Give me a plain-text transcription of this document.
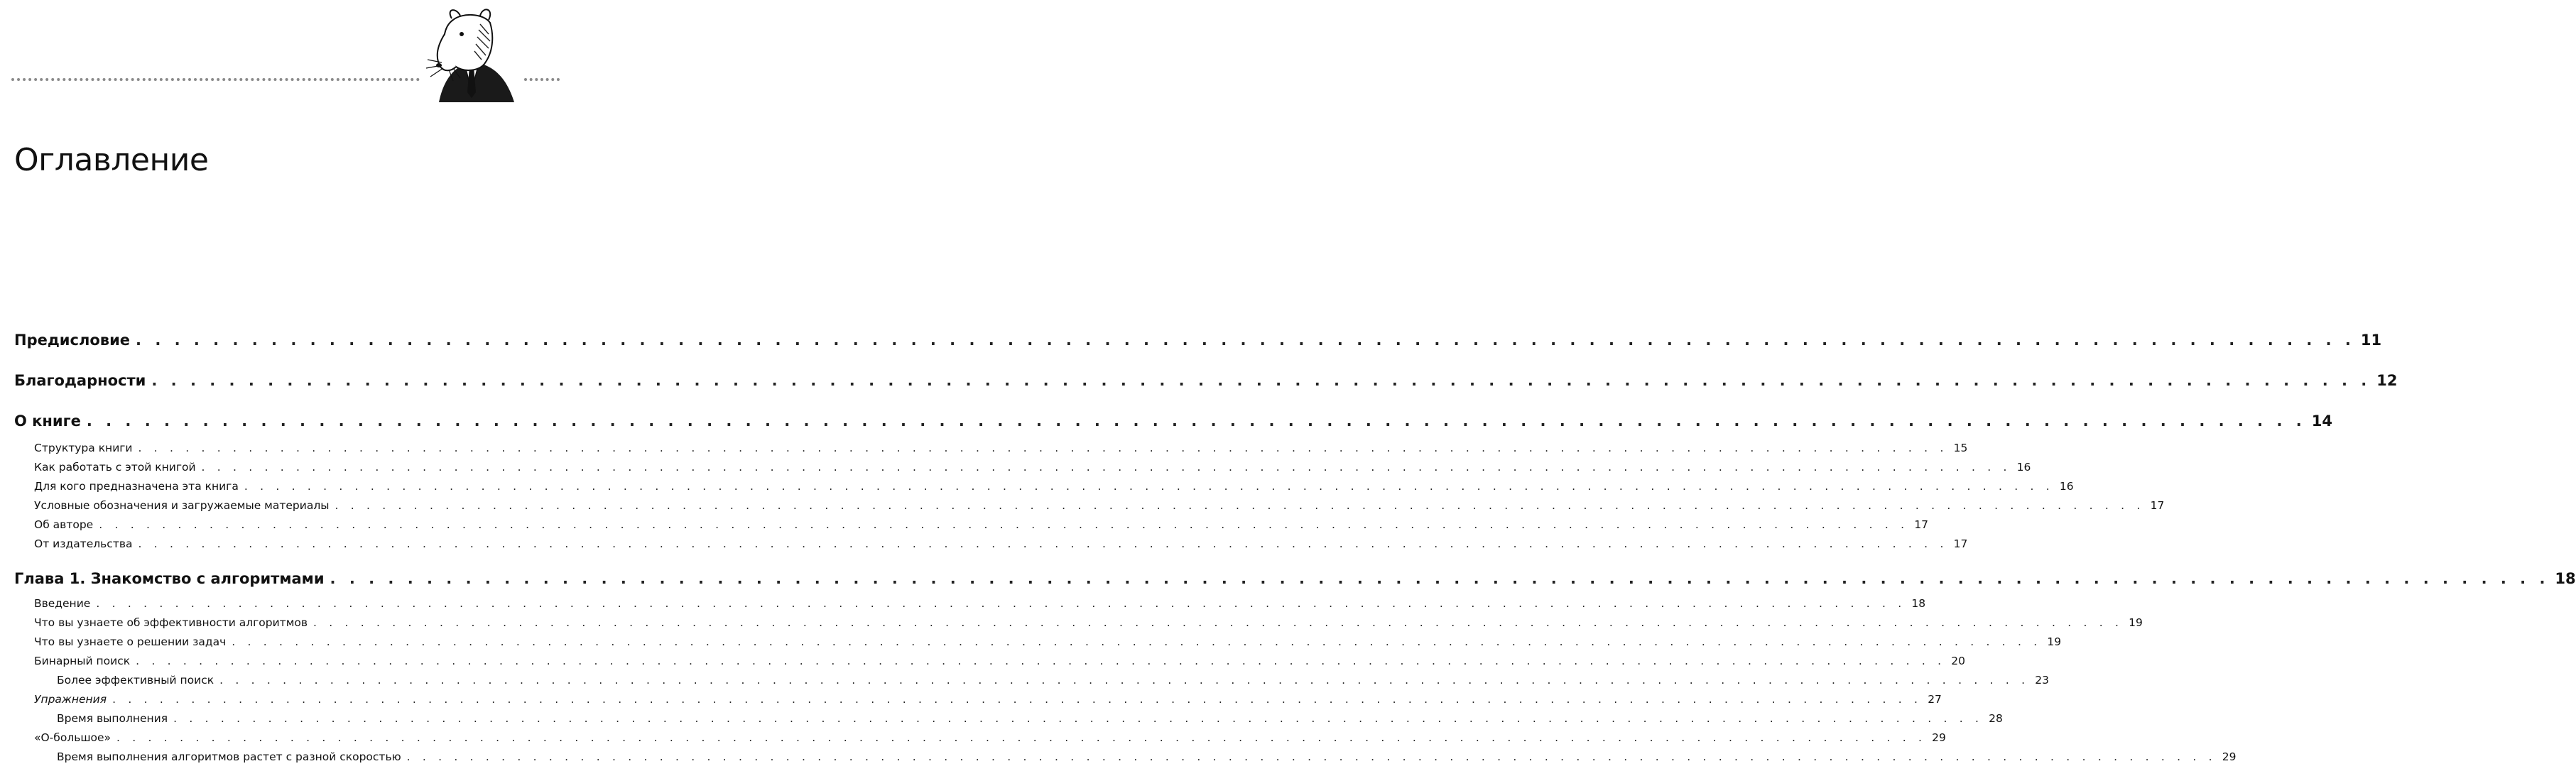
Оглавление
Предисловие . . . . . . . . . . . . . . . . . . . . . . . . . . . . . . . . . . . . . . . . . . . . . . . . . . . . . . . . . . . . . . . . . . . . . . . . . . . . . . . . . . . . . . . . . . . . . . . . . . . . . . . . . . . . . . . . . . . 11
Благодарности . . . . . . . . . . . . . . . . . . . . . . . . . . . . . . . . . . . . . . . . . . . . . . . . . . . . . . . . . . . . . . . . . . . . . . . . . . . . . . . . . . . . . . . . . . . . . . . . . . . . . . . . . . . . . . . . . . . 12
О книге . . . . . . . . . . . . . . . . . . . . . . . . . . . . . . . . . . . . . . . . . . . . . . . . . . . . . . . . . . . . . . . . . . . . . . . . . . . . . . . . . . . . . . . . . . . . . . . . . . . . . . . . . . . . . . . . . . . 14
Структура книги . . . . . . . . . . . . . . . . . . . . . . . . . . . . . . . . . . . . . . . . . . . . . . . . . . . . . . . . . . . . . . . . . . . . . . . . . . . . . . . . . . . . . . . . . . . . . . . . . . . . . . . . . . . . . . . . . . . 15
Как работать с этой книгой . . . . . . . . . . . . . . . . . . . . . . . . . . . . . . . . . . . . . . . . . . . . . . . . . . . . . . . . . . . . . . . . . . . . . . . . . . . . . . . . . . . . . . . . . . . . . . . . . . . . . . . . . . . . . . . . . . . 16
Для кого предназначена эта книга . . . . . . . . . . . . . . . . . . . . . . . . . . . . . . . . . . . . . . . . . . . . . . . . . . . . . . . . . . . . . . . . . . . . . . . . . . . . . . . . . . . . . . . . . . . . . . . . . . . . . . . . . . . . . . . . . . . 16
Условные обозначения и загружаемые материалы . . . . . . . . . . . . . . . . . . . . . . . . . . . . . . . . . . . . . . . . . . . . . . . . . . . . . . . . . . . . . . . . . . . . . . . . . . . . . . . . . . . . . . . . . . . . . . . . . . . . . . . . . . . . . . . . . . . 17
Об авторе . . . . . . . . . . . . . . . . . . . . . . . . . . . . . . . . . . . . . . . . . . . . . . . . . . . . . . . . . . . . . . . . . . . . . . . . . . . . . . . . . . . . . . . . . . . . . . . . . . . . . . . . . . . . . . . . . . . 17
От издательства . . . . . . . . . . . . . . . . . . . . . . . . . . . . . . . . . . . . . . . . . . . . . . . . . . . . . . . . . . . . . . . . . . . . . . . . . . . . . . . . . . . . . . . . . . . . . . . . . . . . . . . . . . . . . . . . . . . 17
Глава 1. Знакомство с алгоритмами . . . . . . . . . . . . . . . . . . . . . . . . . . . . . . . . . . . . . . . . . . . . . . . . . . . . . . . . . . . . . . . . . . . . . . . . . . . . . . . . . . . . . . . . . . . . . . . . . . . . . . . . . . . . . . . . . . . 18
Введение . . . . . . . . . . . . . . . . . . . . . . . . . . . . . . . . . . . . . . . . . . . . . . . . . . . . . . . . . . . . . . . . . . . . . . . . . . . . . . . . . . . . . . . . . . . . . . . . . . . . . . . . . . . . . . . . . . . 18
Что вы узнаете об эффективности алгоритмов . . . . . . . . . . . . . . . . . . . . . . . . . . . . . . . . . . . . . . . . . . . . . . . . . . . . . . . . . . . . . . . . . . . . . . . . . . . . . . . . . . . . . . . . . . . . . . . . . . . . . . . . . . . . . . . . . . . 19
Что вы узнаете о решении задач . . . . . . . . . . . . . . . . . . . . . . . . . . . . . . . . . . . . . . . . . . . . . . . . . . . . . . . . . . . . . . . . . . . . . . . . . . . . . . . . . . . . . . . . . . . . . . . . . . . . . . . . . . . . . . . . . . . 19
Бинарный поиск . . . . . . . . . . . . . . . . . . . . . . . . . . . . . . . . . . . . . . . . . . . . . . . . . . . . . . . . . . . . . . . . . . . . . . . . . . . . . . . . . . . . . . . . . . . . . . . . . . . . . . . . . . . . . . . . . . . 20
Более эффективный поиск . . . . . . . . . . . . . . . . . . . . . . . . . . . . . . . . . . . . . . . . . . . . . . . . . . . . . . . . . . . . . . . . . . . . . . . . . . . . . . . . . . . . . . . . . . . . . . . . . . . . . . . . . . . . . . . . . . . 23
Упражнения . . . . . . . . . . . . . . . . . . . . . . . . . . . . . . . . . . . . . . . . . . . . . . . . . . . . . . . . . . . . . . . . . . . . . . . . . . . . . . . . . . . . . . . . . . . . . . . . . . . . . . . . . . . . . . . . . . . 27
Время выполнения . . . . . . . . . . . . . . . . . . . . . . . . . . . . . . . . . . . . . . . . . . . . . . . . . . . . . . . . . . . . . . . . . . . . . . . . . . . . . . . . . . . . . . . . . . . . . . . . . . . . . . . . . . . . . . . . . . . 28
«О-большое» . . . . . . . . . . . . . . . . . . . . . . . . . . . . . . . . . . . . . . . . . . . . . . . . . . . . . . . . . . . . . . . . . . . . . . . . . . . . . . . . . . . . . . . . . . . . . . . . . . . . . . . . . . . . . . . . . . . 29
Время выполнения алгоритмов растет с разной скоростью . . . . . . . . . . . . . . . . . . . . . . . . . . . . . . . . . . . . . . . . . . . . . . . . . . . . . . . . . . . . . . . . . . . . . . . . . . . . . . . . . . . . . . . . . . . . . . . . . . . . . . . . . . . . . . . . . . . 29
